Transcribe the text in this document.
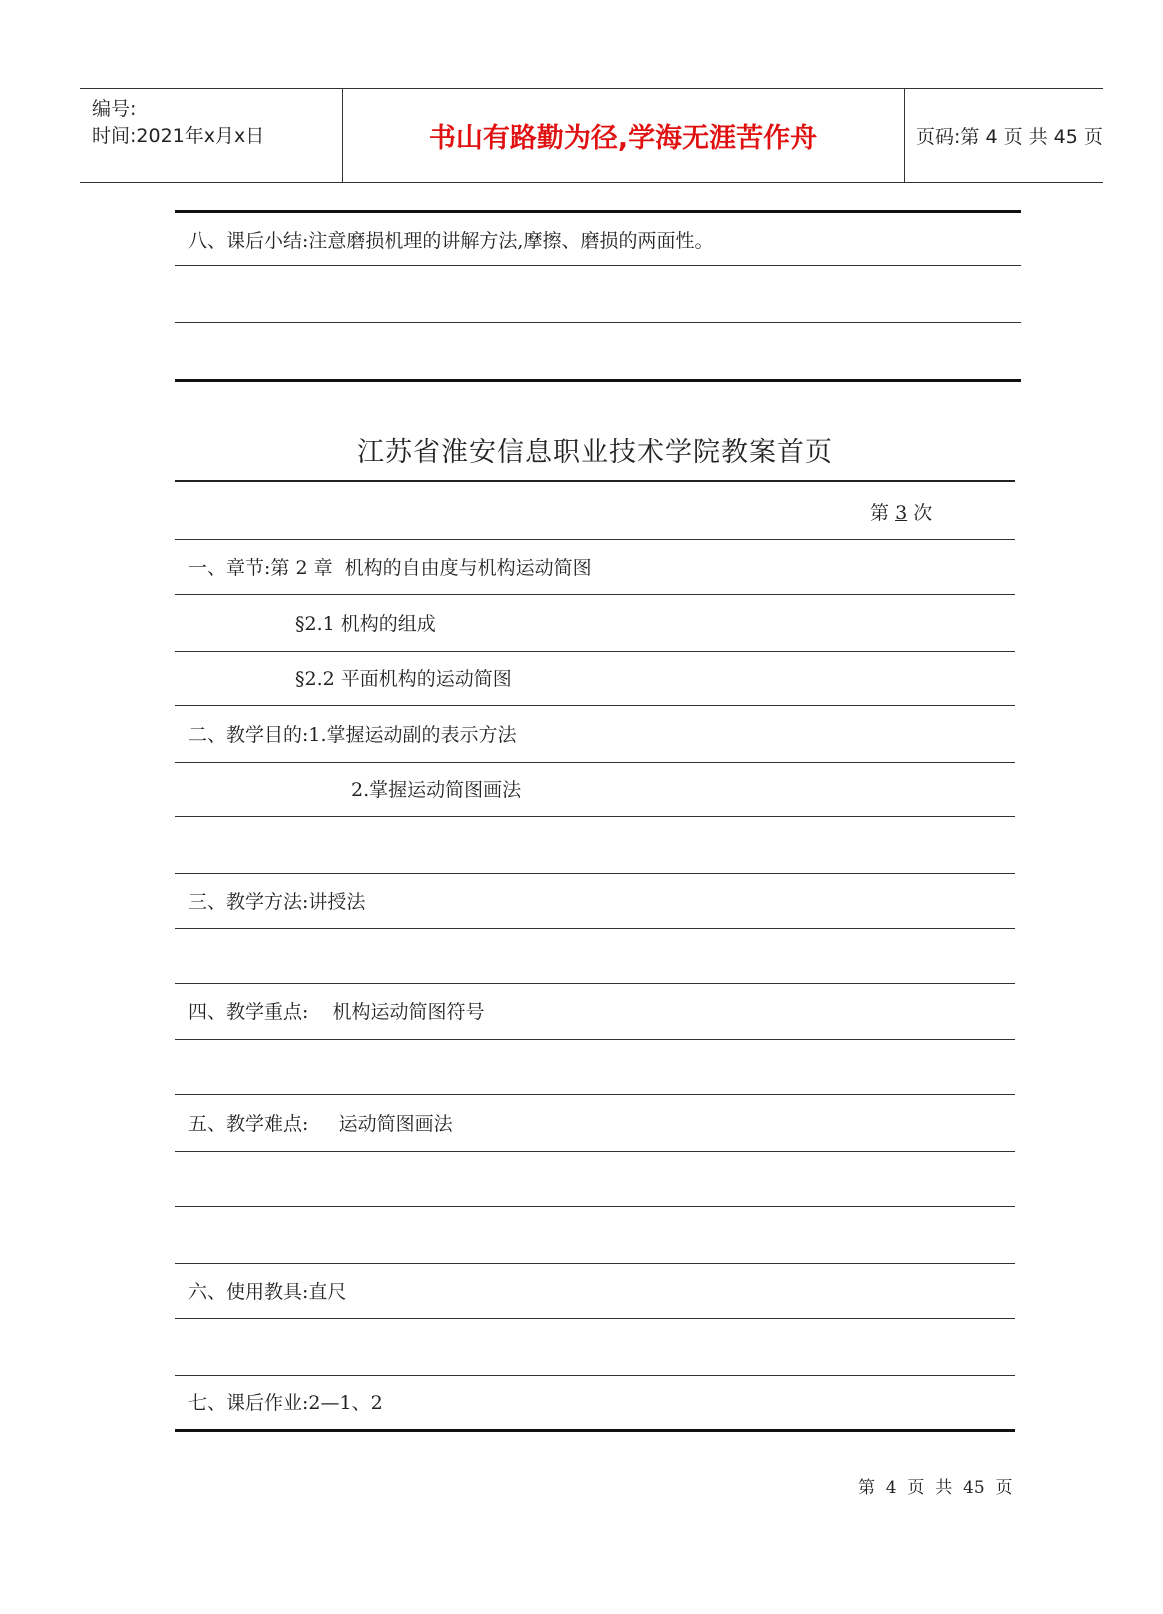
编号:
时间:2021年x月x日	书山有路勤为径,学海无涯苦作舟	页码:第 4 页 共 45 页
八、课后小结:注意磨损机理的讲解方法,摩擦、磨损的两面性。
江苏省淮安信息职业技术学院教案首页
第 3 次
一、章节:第 2 章  机构的自由度与机构运动简图
§2.1 机构的组成
§2.2 平面机构的运动简图
二、教学目的:1.掌握运动副的表示方法
2.掌握运动简图画法
三、教学方法:讲授法
四、教学重点:    机构运动简图符号
五、教学难点:     运动简图画法
六、使用教具:直尺
七、课后作业:2—1、2
第  4  页  共  45  页
